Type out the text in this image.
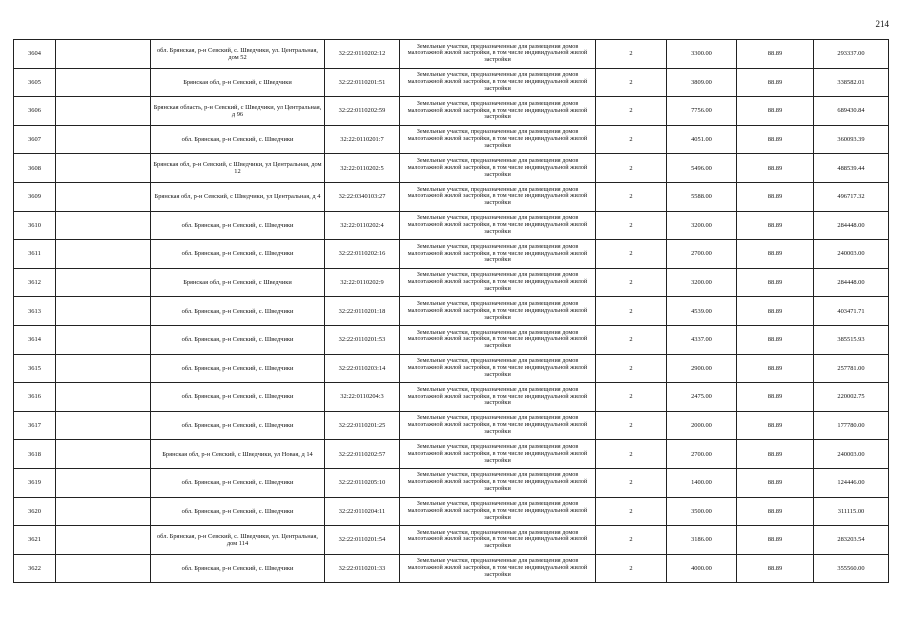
214
3604		обл. Брянская, р-н Севский, с. Шведчики, ул. Центральная, дом 52	32:22:0110202:12	Земельные участки, предназначенные для размещения домов малоэтажной жилой застройки, в том числе индивидуальной жилой застройки	2	3300.00	88.89	293337.00
3605		Брянская обл, р-н Севский, с Шведчики	32:22:0110201:51	Земельные участки, предназначенные для размещения домов малоэтажной жилой застройки, в том числе индивидуальной жилой застройки	2	3809.00	88.89	338582.01
3606		Брянская область, р-н Севский, с Шведчики, ул Центральная, д 96	32:22:0110202:59	Земельные участки, предназначенные для размещения домов малоэтажной жилой застройки, в том числе индивидуальной жилой застройки	2	7756.00	88.89	689430.84
3607		обл. Брянская, р-н Севский, с. Шведчики	32:22:0110201:7	Земельные участки, предназначенные для размещения домов малоэтажной жилой застройки, в том числе индивидуальной жилой застройки	2	4051.00	88.89	360093.39
3608		Брянская обл, р-н Севский, с Шведчики, ул Центральная, дом 12	32:22:0110202:5	Земельные участки, предназначенные для размещения домов малоэтажной жилой застройки, в том числе индивидуальной жилой застройки	2	5496.00	88.89	488539.44
3609		Брянская обл, р-н Севский, с Шведчики, ул Центральная, д 4	32:22:0340103:27	Земельные участки, предназначенные для размещения домов малоэтажной жилой застройки, в том числе индивидуальной жилой застройки	2	5588.00	88.89	496717.32
3610		обл. Брянская, р-н Севский, с. Шведчики	32:22:0110202:4	Земельные участки, предназначенные для размещения домов малоэтажной жилой застройки, в том числе индивидуальной жилой застройки	2	3200.00	88.89	284448.00
3611		обл. Брянская, р-н Севский, с. Шведчики	32:22:0110202:16	Земельные участки, предназначенные для размещения домов малоэтажной жилой застройки, в том числе индивидуальной жилой застройки	2	2700.00	88.89	240003.00
3612		Брянская обл, р-н Севский, с Шведчики	32:22:0110202:9	Земельные участки, предназначенные для размещения домов малоэтажной жилой застройки, в том числе индивидуальной жилой застройки	2	3200.00	88.89	284448.00
3613		обл. Брянская, р-н Севский, с. Шведчики	32:22:0110201:18	Земельные участки, предназначенные для размещения домов малоэтажной жилой застройки, в том числе индивидуальной жилой застройки	2	4539.00	88.89	403471.71
3614		обл. Брянская, р-н Севский, с. Шведчики	32:22:0110201:53	Земельные участки, предназначенные для размещения домов малоэтажной жилой застройки, в том числе индивидуальной жилой застройки	2	4337.00	88.89	385515.93
3615		обл. Брянская, р-н Севский, с. Шведчики	32:22:0110203:14	Земельные участки, предназначенные для размещения домов малоэтажной жилой застройки, в том числе индивидуальной жилой застройки	2	2900.00	88.89	257781.00
3616		обл. Брянская, р-н Севский, с. Шведчики	32:22:0110204:3	Земельные участки, предназначенные для размещения домов малоэтажной жилой застройки, в том числе индивидуальной жилой застройки	2	2475.00	88.89	220002.75
3617		обл. Брянская, р-н Севский, с. Шведчики	32:22:0110201:25	Земельные участки, предназначенные для размещения домов малоэтажной жилой застройки, в том числе индивидуальной жилой застройки	2	2000.00	88.89	177780.00
3618		Брянская обл, р-н Севский, с Шведчики, ул Новая, д 14	32:22:0110202:57	Земельные участки, предназначенные для размещения домов малоэтажной жилой застройки, в том числе индивидуальной жилой застройки	2	2700.00	88.89	240003.00
3619		обл. Брянская, р-н Севский, с. Шведчики	32:22:0110205:10	Земельные участки, предназначенные для размещения домов малоэтажной жилой застройки, в том числе индивидуальной жилой застройки	2	1400.00	88.89	124446.00
3620		обл. Брянская, р-н Севский, с. Шведчики	32:22:0110204:11	Земельные участки, предназначенные для размещения домов малоэтажной жилой застройки, в том числе индивидуальной жилой застройки	2	3500.00	88.89	311115.00
3621		обл. Брянская, р-н Севский, с. Шведчики, ул. Центральная, дом 114	32:22:0110201:54	Земельные участки, предназначенные для размещения домов малоэтажной жилой застройки, в том числе индивидуальной жилой застройки	2	3186.00	88.89	283203.54
3622		обл. Брянская, р-н Севский, с. Шведчики	32:22:0110201:33	Земельные участки, предназначенные для размещения домов малоэтажной жилой застройки, в том числе индивидуальной жилой застройки	2	4000.00	88.89	355560.00
